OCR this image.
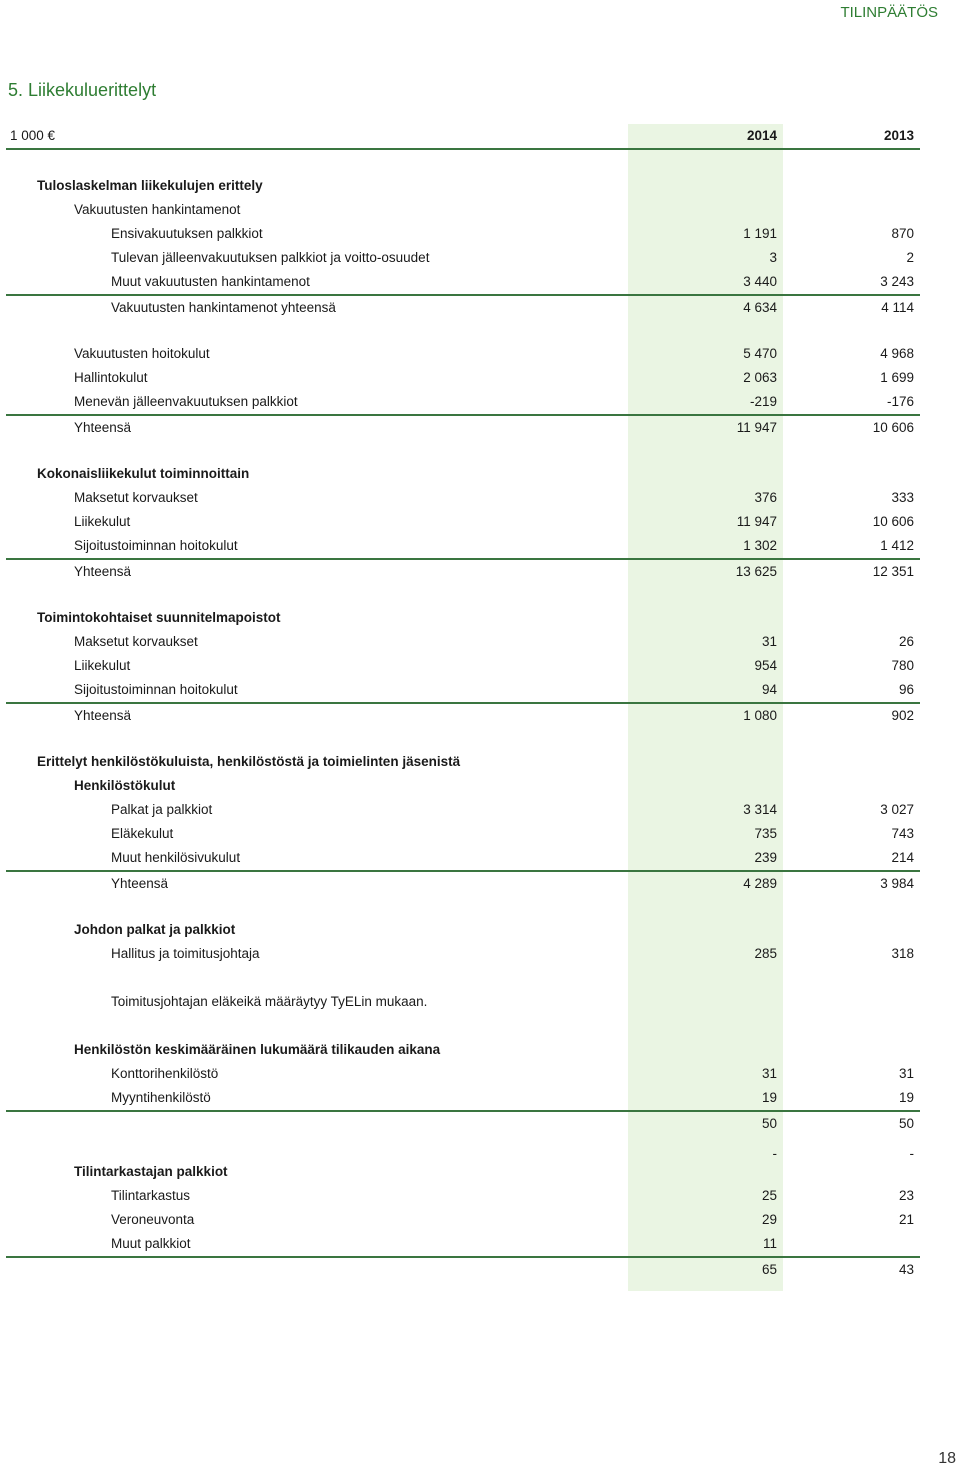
TILINPÄÄTÖS
5. Liikekuluerittelyt
1 000 €	2014	2013
Tuloslaskelman liikekulujen erittely
Vakuutusten hankintamenot
Ensivakuutuksen palkkiot	1 191	870
Tulevan jälleenvakuutuksen palkkiot ja voitto-osuudet	3	2
Muut vakuutusten hankintamenot	3 440	3 243
Vakuutusten hankintamenot yhteensä	4 634	4 114
Vakuutusten hoitokulut	5 470	4 968
Hallintokulut	2 063	1 699
Menevän jälleenvakuutuksen palkkiot	-219	-176
Yhteensä	11 947	10 606
Kokonaisliikekulut toiminnoittain
Maksetut korvaukset	376	333
Liikekulut	11 947	10 606
Sijoitustoiminnan hoitokulut	1 302	1 412
Yhteensä	13 625	12 351
Toimintokohtaiset suunnitelmapoistot
Maksetut korvaukset	31	26
Liikekulut	954	780
Sijoitustoiminnan hoitokulut	94	96
Yhteensä	1 080	902
Erittelyt henkilöstökuluista, henkilöstöstä ja toimielinten jäsenistä
Henkilöstökulut
Palkat ja palkkiot	3 314	3 027
Eläkekulut	735	743
Muut henkilösivukulut	239	214
Yhteensä	4 289	3 984
Johdon palkat ja palkkiot
Hallitus ja toimitusjohtaja	285	318
Toimitusjohtajan eläkeikä määräytyy TyELin mukaan.
Henkilöstön keskimääräinen lukumäärä tilikauden aikana
Konttorihenkilöstö	31	31
Myyntihenkilöstö	19	19
50	50
-	-
Tilintarkastajan palkkiot
Tilintarkastus	25	23
Veroneuvonta	29	21
Muut palkkiot	11
65	43
18
